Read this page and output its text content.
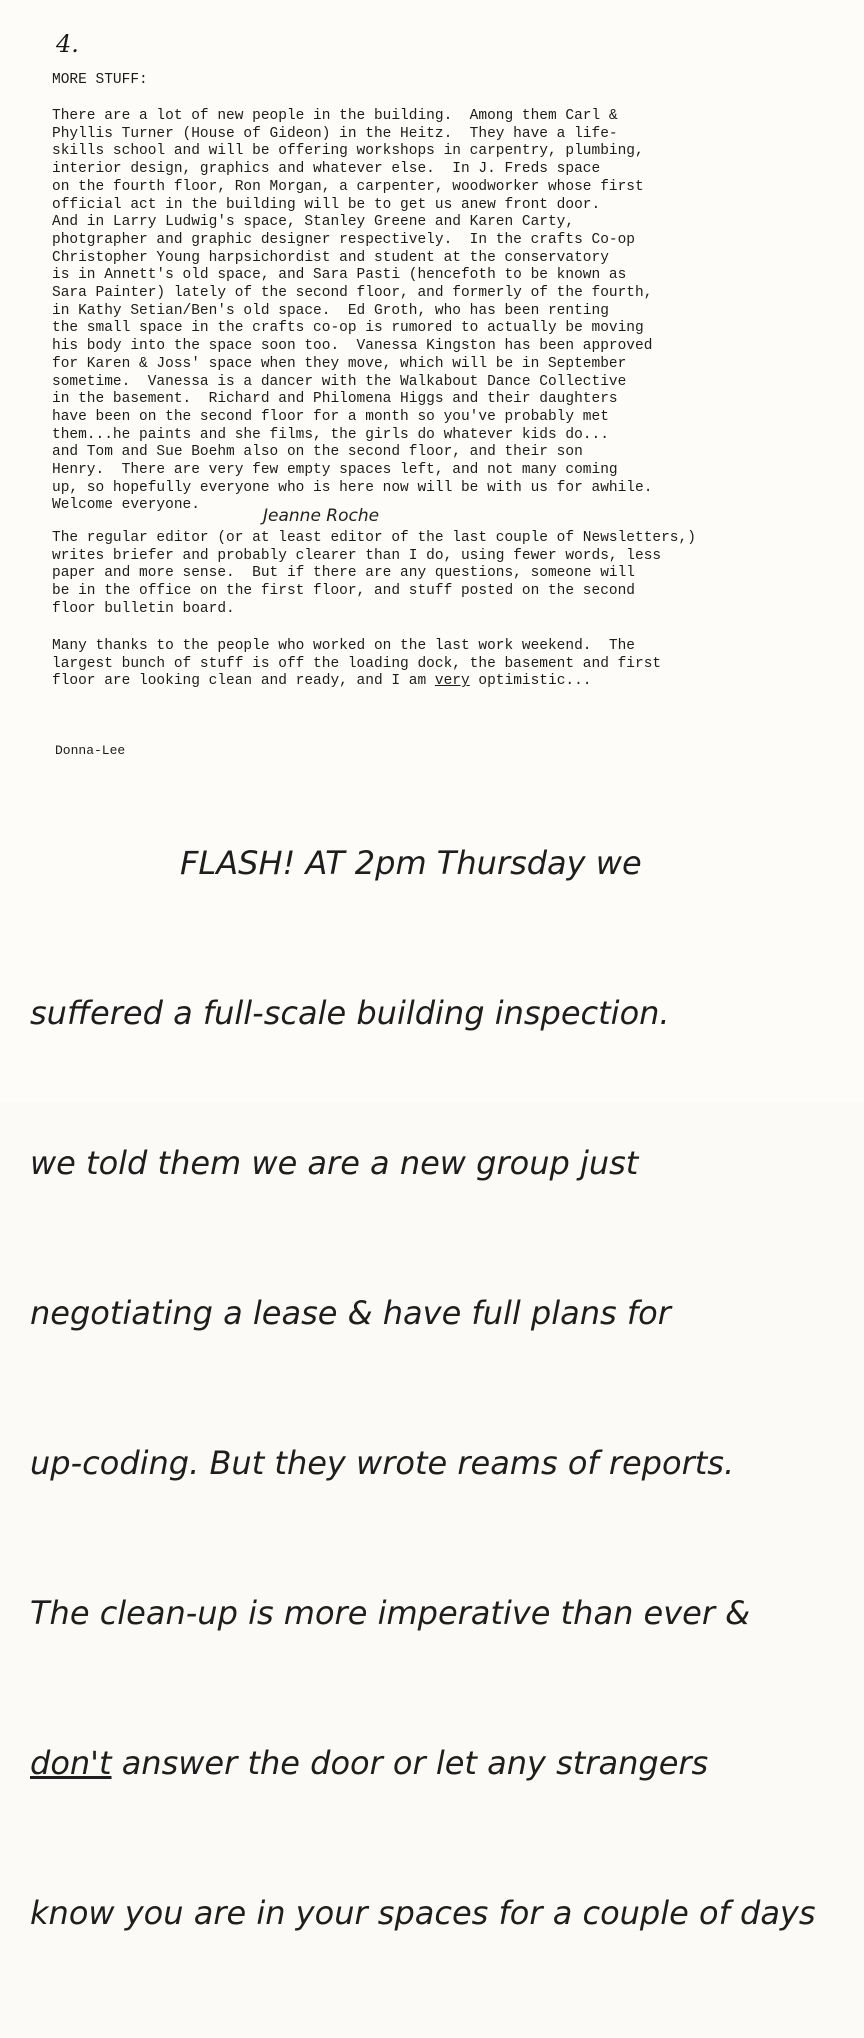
4.
MORE STUFF:
There are a lot of new people in the building.  Among them Carl &
Phyllis Turner (House of Gideon) in the Heitz.  They have a life-
skills school and will be offering workshops in carpentry, plumbing,
interior design, graphics and whatever else.  In J. Freds space
on the fourth floor, Ron Morgan, a carpenter, woodworker whose first
official act in the building will be to get us anew front door.
And in Larry Ludwig's space, Stanley Greene and Karen Carty,
photgrapher and graphic designer respectively.  In the crafts Co-op
Christopher Young harpsichordist and student at the conservatory
is in Annett's old space, and Sara Pasti (hencefoth to be known as
Sara Painter) lately of the second floor, and formerly of the fourth,
in Kathy Setian/Ben's old space.  Ed Groth, who has been renting
the small space in the crafts co-op is rumored to actually be moving
his body into the space soon too.  Vanessa Kingston has been approved
for Karen & Joss' space when they move, which will be in September
sometime.  Vanessa is a dancer with the Walkabout Dance Collective
in the basement.  Richard and Philomena Higgs and their daughters
have been on the second floor for a month so you've probably met
them...he paints and she films, the girls do whatever kids do...
and Tom and Sue Boehm also on the second floor, and their son
Henry.  There are very few empty spaces left, and not many coming
up, so hopefully everyone who is here now will be with us for awhile.
Welcome everyone.
Jeanne Roche
The regular editor (or at least editor of the last couple of Newsletters,)
writes briefer and probably clearer than I do, using fewer words, less
paper and more sense.  But if there are any questions, someone will
be in the office on the first floor, and stuff posted on the second
floor bulletin board.
Many thanks to the people who worked on the last work weekend.  The
largest bunch of stuff is off the loading dock, the basement and first
floor are looking clean and ready, and I am very optimistic...
Donna-Lee

FLASH! AT 2pm Thursday we

suffered a full-scale building inspection.

we told them we are a new group just

negotiating a lease & have full plans for

up-coding. But they wrote reams of reports.

The clean-up is more imperative than ever &

don't answer the door or let any strangers

know you are in your spaces for a couple of days
